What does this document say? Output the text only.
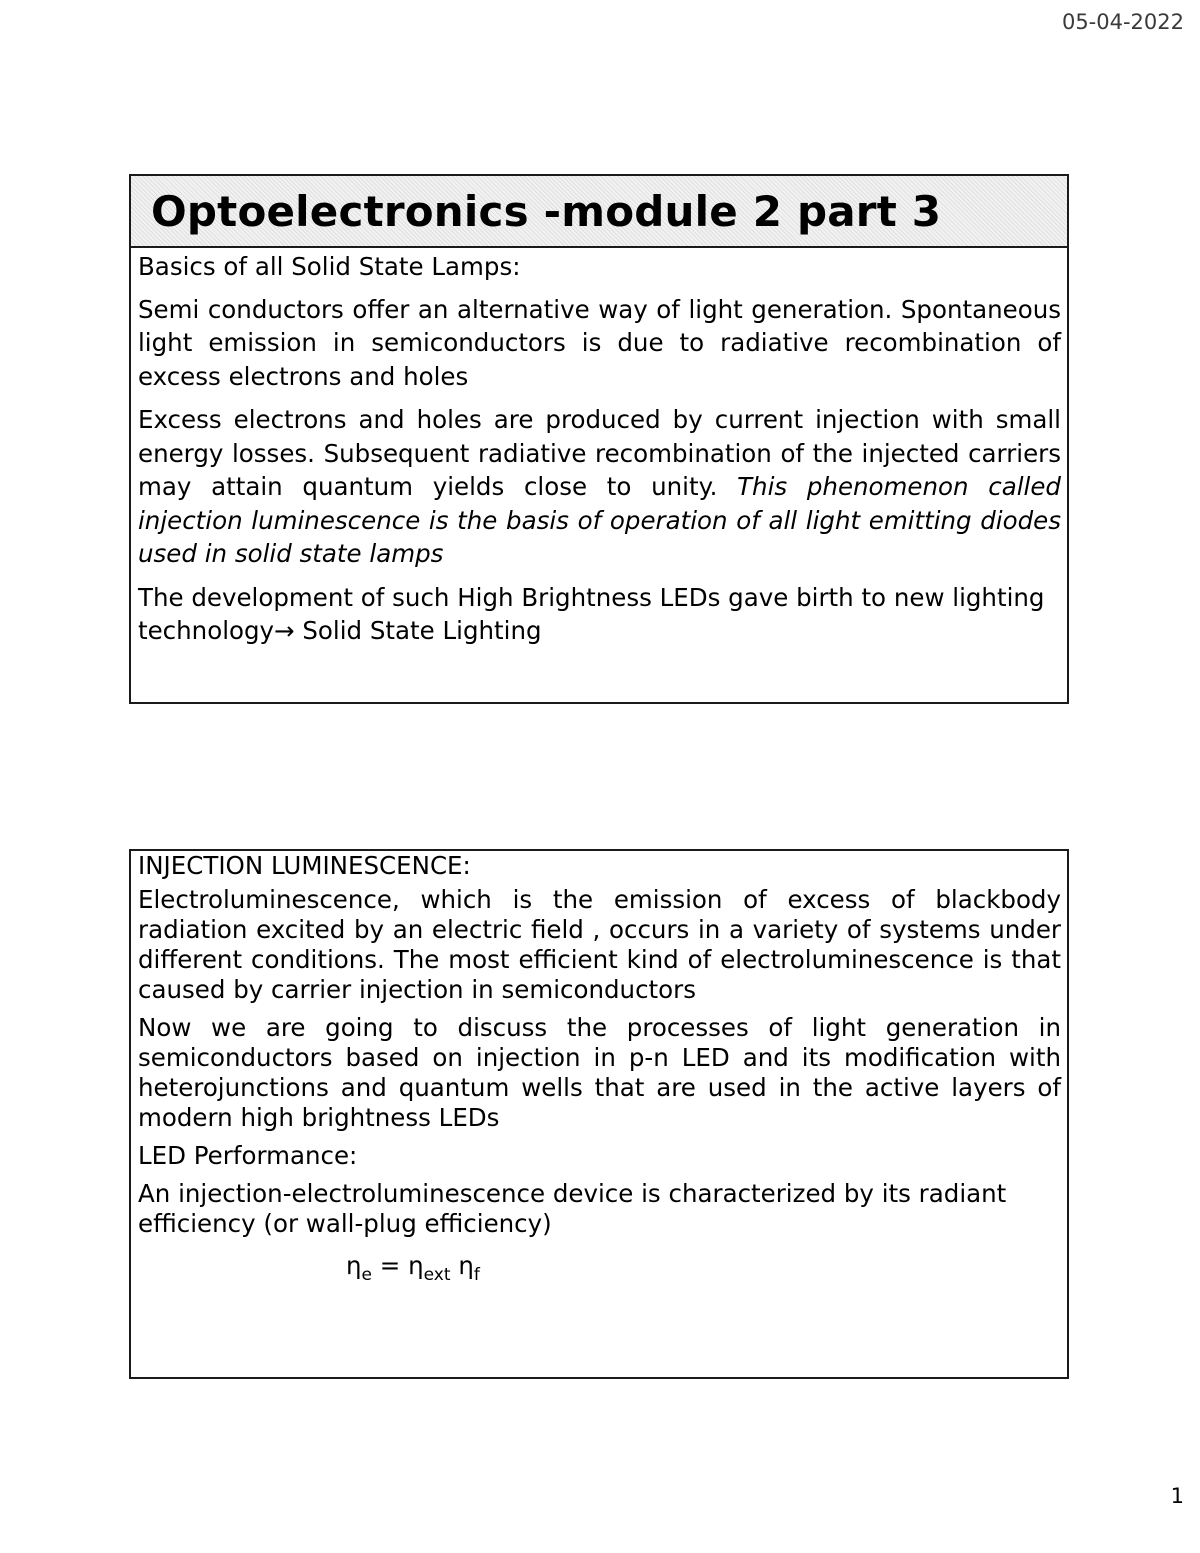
05-04-2022
Optoelectronics -module 2 part 3
Basics of all Solid State Lamps:
Semi conductors offer an alternative way of light generation. Spontaneous light emission in semiconductors is due to radiative recombination of excess electrons and holes
Excess electrons and holes are produced by current injection with small energy losses. Subsequent radiative recombination of the injected carriers may attain quantum yields close to unity. This phenomenon called injection luminescence is the basis of operation of all light emitting diodes used in solid state lamps
The development of such High Brightness LEDs gave birth to new lighting technology→ Solid State Lighting
INJECTION LUMINESCENCE:
Electroluminescence, which is the emission of excess of blackbody radiation excited by an electric field , occurs in a variety of systems under different conditions. The most efficient kind of electroluminescence is that caused by carrier injection in semiconductors
Now we are going to discuss the processes of light generation in semiconductors based on injection in p-n LED and its modification with heterojunctions and quantum wells that are used in the active layers of modern high brightness LEDs
LED Performance:
An injection-electroluminescence device is characterized by its radiant efficiency (or wall-plug efficiency)
$\eta_e = \eta_{ext}$ $\eta_f$
1
